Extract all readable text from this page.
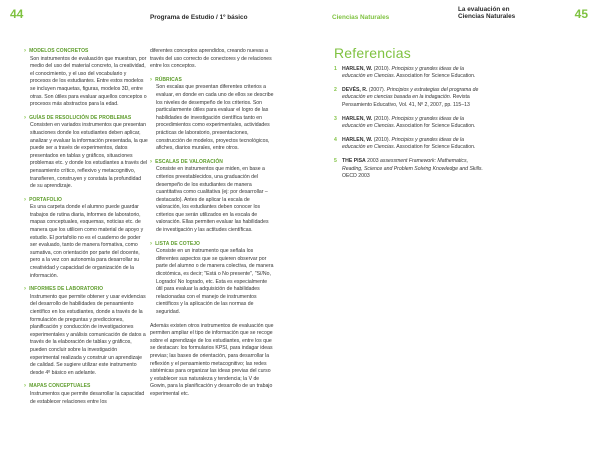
44	Programa de Estudio / 1º básico	Ciencias Naturales
La evaluación en
Ciencias Naturales	45
› MODELOS CONCRETOS
Son instrumentos de evaluación que muestran, por medio del uso del material concreto, la creatividad, el conocimiento, y el uso del vocabulario y procesos de los estudiantes. Entre estos modelos se incluyen maquetas, figuras, modelos 3D, entre otras. Son útiles para evaluar aquellos conceptos o procesos más abstractos para la edad.
› GUÍAS DE RESOLUCIÓN DE PROBLEMAS
Consisten en variados instrumentos que presentan situaciones donde los estudiantes deben aplicar, analizar y evaluar la información presentada, la que puede ser a través de experimentos, datos presentados en tablas y gráficos, situaciones problemas etc. y donde los estudiantes a través del pensamiento crítico, reflexivo y metacognitivo, transfieren, construyen y constata la profundidad de su aprendizaje.
› PORTAFOLIO
Es una carpeta donde el alumno puede guardar trabajos de rutina diaria, informes de laboratorio, mapas conceptuales, esquemas, noticias etc. de manera que los utilicen como material de apoyo y estudio. El portafolio no es el cuaderno de poder ser evaluado, tanto de manera formativa, como sumativa, con orientación por parte del docente, pero a la vez con autonomía para desarrollar su creatividad y capacidad de organización de la información.
› INFORMES DE LABORATORIO
Instrumento que permite obtener y usar evidencias del desarrollo de habilidades de pensamiento científico en los estudiantes, donde a través de la formulación de preguntas y predicciones, planificación y conducción de investigaciones experimentales y análisis comunicación de datos a través de la elaboración de tablas y gráficos, pueden concluir sobre la investigación experimental realizada y construir un aprendizaje de calidad. Se sugiere utilizar este instrumento desde 4º básico en adelante.
› MAPAS CONCEPTUALES
Instrumentos que permite desarrollar la capacidad de establecer relaciones entre los
diferentes conceptos aprendidos, creando nuevas a través del uso correcto de conectores y de relaciones entre los conceptos.
› RÚBRICAS
Son escalas que presentan diferentes criterios a evaluar, en donde en cada uno de ellos se describe los niveles de desempeño de los criterios. Son particularmente útiles para evaluar el logro de las habilidades de investigación científica tanto en procedimientos como experimentales, actividades prácticas de laboratorio, presentaciones, construcción de modelos, proyectos tecnológicos, afiches, diarios murales, entre otros.
› ESCALAS DE VALORACIÓN
Consiste en instrumentos que miden, en base a criterios preestablecidos, una graduación del desempeño de los estudiantes de manera cuantitativa como cualitativa (ej: por desarrollar – destacado). Antes de aplicar la escala de valoración, los estudiantes deben conocer los criterios que serán utilizados en la escala de valoración. Ellas permiten evaluar las habilidades de investigación y las actitudes científicas.
› LISTA DE COTEJO
Consiste en un instrumento que señala los diferentes aspectos que se quieren observar por parte del alumno o de manera colectiva, de manera dicotómica, es decir; "Está o No presente", "Sí/No, Logrado/ No logrado, etc. Esta es especialmente útil para evaluar la adquisición de habilidades relacionadas con el manejo de instrumentos científicos y la aplicación de las normas de seguridad.
Además existen otros instrumentos de evaluación que permiten ampliar el tipo de información que se recoge sobre el aprendizaje de los estudiantes, entre los que se destacan: los formularios KPSI, para indagar ideas previas; las bases de orientación, para desarrollar la reflexión y el pensamiento metacognitivo; las redes sistémicas para organizar las ideas previas del curso y establecer sus naturaleza y tendencia; la V de Gowin, para la planificación y desarrollo de un trabajo experimental etc.
Referencias
1 HARLEN, W. (2010). Principios y grandes ideas de la educación en Ciencias. Association for Science Education.
2 DEVÉS, R. (2007). Principios y estrategias del programa de educación en ciencias basada en la indagación. Revista Pensamiento Educativo, Vol. 41, Nº 2, 2007, pp. 115–13
3 HARLEN, W. (2010). Principios y grandes ideas de la educación en Ciencias. Association for Science Education.
4 HARLEN, W. (2010). Principios y grandes ideas de la educación en Ciencias. Association for Science Education.
5 THE PISA 2003 assessment Framework: Mathematics, Reading, Science and Problem Solving Knowledge and Skills. OECD 2003
